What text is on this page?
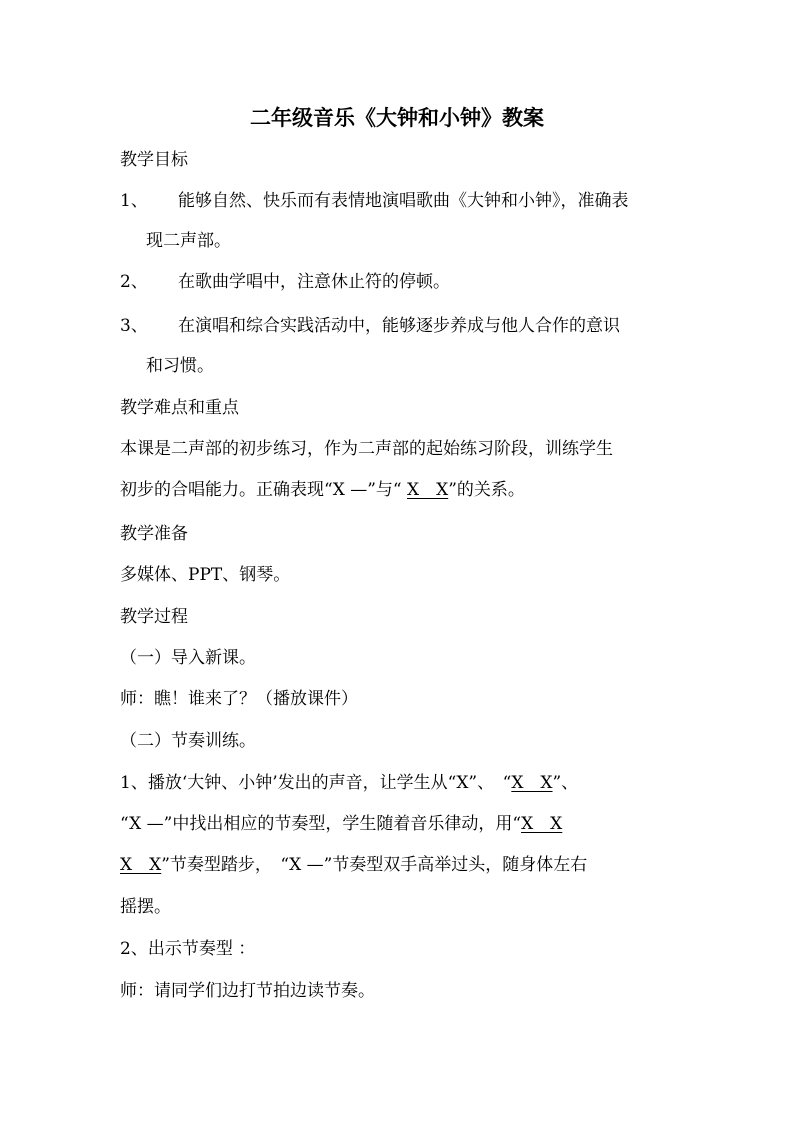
二年级音乐《大钟和小钟》教案
教学目标
1、 能够自然、快乐而有表情地演唱歌曲《大钟和小钟》，准确表
现二声部。
2、 在歌曲学唱中，注意休止符的停顿。
3、 在演唱和综合实践活动中，能够逐步养成与他人合作的意识
和习惯。
教学难点和重点
本课是二声部的初步练习，作为二声部的起始练习阶段，训练学生
初步的合唱能力。正确表现“X —”与“ X　X”的关系。
教学准备
多媒体、PPT、钢琴。
教学过程
（一）导入新课。
师：瞧！谁来了？（播放课件）
（二）节奏训练。
1、播放‘大钟、小钟’发出的声音，让学生从“X”、　“X　X”、
“X —”中找出相应的节奏型，学生随着音乐律动，用“X　X
X　X”节奏型踏步，　“X —”节奏型双手高举过头，随身体左右
摇摆。
2、出示节奏型 ：
师：请同学们边打节拍边读节奏。
